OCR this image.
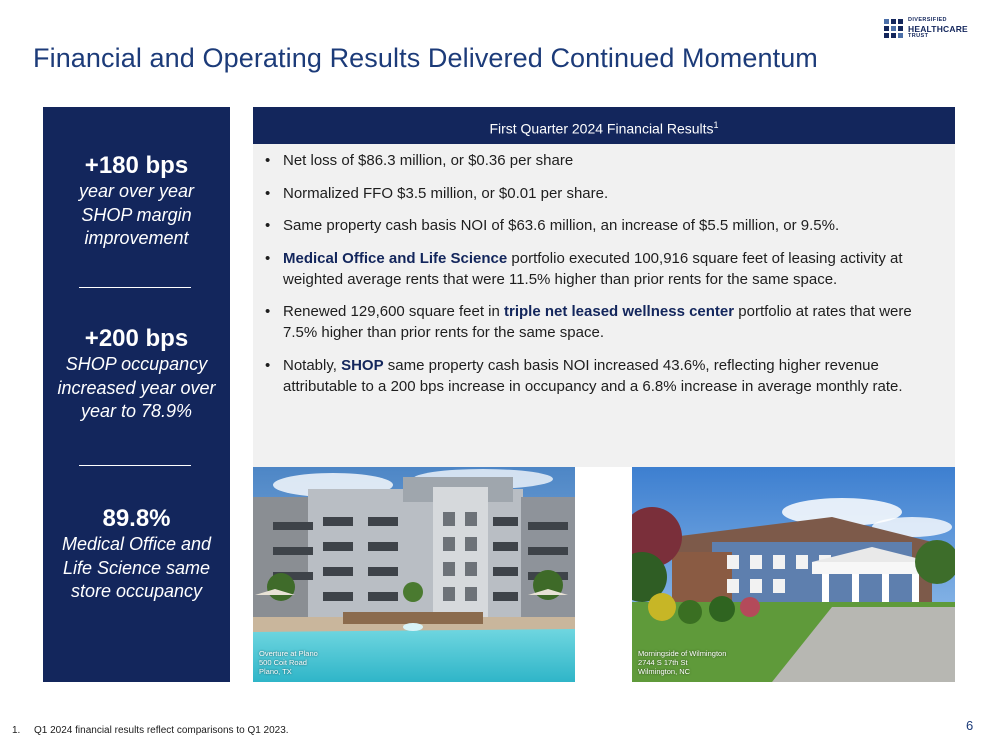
DIVERSIFIED
HEALTHCARE
TRUST
Financial and Operating Results Delivered Continued Momentum
+180 bps
year over year SHOP margin improvement
+200 bps
SHOP occupancy increased year over year to 78.9%
89.8%
Medical Office and Life Science same store occupancy
First Quarter 2024 Financial Results$^1$
• Net loss of $86.3 million, or $0.36 per share
• Normalized FFO $3.5 million, or $0.01 per share.
• Same property cash basis NOI of $63.6 million, an increase of $5.5 million, or 9.5%.
• Medical Office and Life Science portfolio executed 100,916 square feet of leasing activity at weighted average rents that were 11.5% higher than prior rents for the same space.
• Renewed 129,600 square feet in triple net leased wellness center portfolio at rates that were 7.5% higher than prior rents for the same space.
• Notably, SHOP same property cash basis NOI increased 43.6%, reflecting higher revenue attributable to a 200 bps increase in occupancy and a 6.8% increase in average monthly rate.
Overture at Plano
500 Coit Road
Plano, TX
Morningside of Wilmington
2744 S 17th St
Wilmington, NC
1. Q1 2024 financial results reflect comparisons to Q1 2023.	6
